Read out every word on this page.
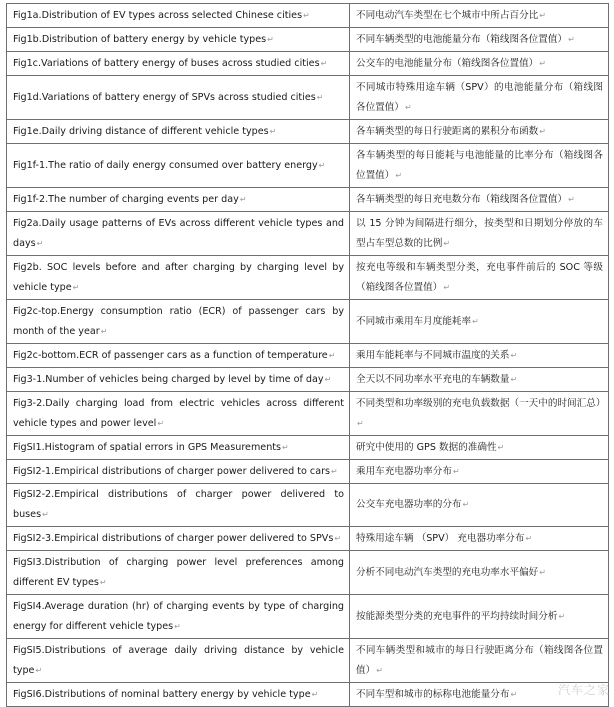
Fig1a.Distribution of EV types across selected Chinese cities↵	不同电动汽车类型在七个城市中所占百分比↵
Fig1b.Distribution of battery energy by vehicle types↵	不同车辆类型的电池能量分布（箱线图各位置值）↵
Fig1c.Variations of battery energy of buses across studied cities↵	公交车的电池能量分布（箱线图各位置值）↵
Fig1d.Variations of battery energy of SPVs across studied cities↵	不同城市特殊用途车辆（SPV）的电池能量分布（箱线图各位置值）↵
Fig1e.Daily driving distance of different vehicle types↵	各车辆类型的每日行驶距离的累积分布函数↵
Fig1f-1.The ratio of daily energy consumed over battery energy↵	各车辆类型的每日能耗与电池能量的比率分布（箱线图各位置值）↵
Fig1f-2.The number of charging events per day↵	各车辆类型的每日充电数分布（箱线图各位置值）↵
Fig2a.Daily usage patterns of EVs across different vehicle types and days↵	以 15 分钟为间隔进行细分，按类型和日期划分停放的车型占车型总数的比例↵
Fig2b. SOC levels before and after charging by charging level by vehicle type↵	按充电等级和车辆类型分类，充电事件前后的 SOC 等级（箱线图各位置值）↵
Fig2c-top.Energy consumption ratio (ECR) of passenger cars by month of the year↵	不同城市乘用车月度能耗率↵
Fig2c-bottom.ECR of passenger cars as a function of temperature↵	乘用车能耗率与不同城市温度的关系↵
Fig3-1.Number of vehicles being charged by level by time of day↵	全天以不同功率水平充电的车辆数量↵
Fig3-2.Daily charging load from electric vehicles across different vehicle types and power level↵	不同类型和功率级别的充电负载数据（一天中的时间汇总）↵
FigSI1.Histogram of spatial errors in GPS Measurements↵	研究中使用的 GPS 数据的准确性↵
FigSI2-1.Empirical distributions of charger power delivered to cars↵	乘用车充电器功率分布↵
FigSI2-2.Empirical distributions of charger power delivered to buses↵	公交车充电器功率的分布↵
FigSI2-3.Empirical distributions of charger power delivered to SPVs↵	特殊用途车辆 （SPV） 充电器功率分布↵
FigSI3.Distribution of charging power level preferences among different EV types↵	分析不同电动汽车类型的充电功率水平偏好↵
FigSI4.Average duration (hr) of charging events by type of charging energy for different vehicle types↵	按能源类型分类的充电事件的平均持续时间分析↵
FigSI5.Distributions of average daily driving distance by vehicle type↵	不同车辆类型和城市的每日行驶距离分布（箱线图各位置值）↵
FigSI6.Distributions of nominal battery energy by vehicle type↵	不同车型和城市的标称电池能量分布↵	汽车之家
